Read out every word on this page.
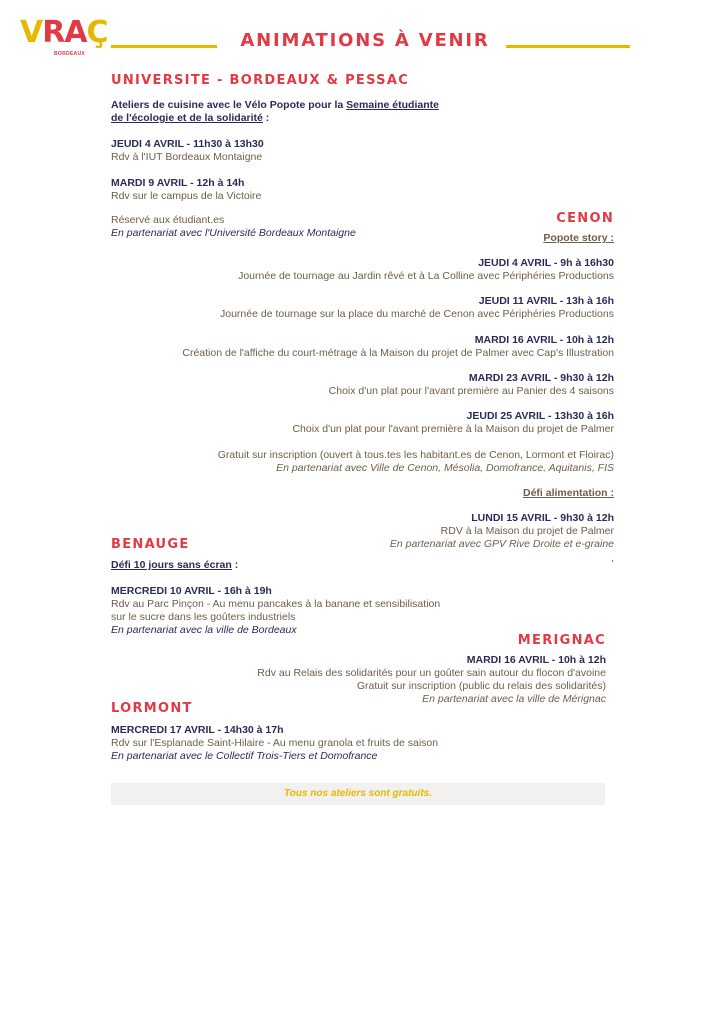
VRAÇ
BORDEAUX
ANIMATIONS À VENIR
UNIVERSITE - BORDEAUX & PESSAC
Ateliers de cuisine avec le Vélo Popote pour la Semaine étudiante
de l'écologie et de la solidarité :
JEUDI 4 AVRIL - 11h30 à 13h30
Rdv à l'IUT Bordeaux Montaigne
MARDI 9 AVRIL - 12h à 14h
Rdv sur le campus de la Victoire
Réservé aux étudiant.es
En partenariat avec l'Université Bordeaux Montaigne
CENON
Popote story :
JEUDI 4 AVRIL - 9h à 16h30
Journée de tournage au Jardin rêvé et à La Colline avec Périphéries Productions
JEUDI 11 AVRIL - 13h à 16h
Journée de tournage sur la place du marché de Cenon avec Périphéries Productions
MARDI 16 AVRIL - 10h à 12h
Création de l'affiche du court-métrage à la Maison du projet de Palmer avec Cap's Illustration
MARDI 23 AVRIL - 9h30 à 12h
Choix d'un plat pour l'avant première au Panier des 4 saisons
JEUDI 25 AVRIL - 13h30 à 16h
Choix d'un plat pour l'avant première à la Maison du projet de Palmer
Gratuit sur inscription (ouvert à tous.tes les habitant.es de Cenon, Lormont et Floirac)
En partenariat avec Ville de Cenon, Mésolia, Domofrance, Aquitanis, FIS
Défi alimentation :
LUNDI 15 AVRIL - 9h30 à 12h
RDV à la Maison du projet de Palmer
En partenariat avec GPV Rive Droite et e-graine
,
BENAUGE
Défi 10 jours sans écran :
MERCREDI 10 AVRIL - 16h à 19h
Rdv au Parc Pinçon - Au menu pancakes à la banane et sensibilisation
sur le sucre dans les goûters industriels
En partenariat avec la ville de Bordeaux
MERIGNAC
MARDI 16 AVRIL - 10h à 12h
Rdv au Relais des solidarités pour un goûter sain autour du flocon d'avoine
Gratuit sur inscription (public du relais des solidarités)
En partenariat avec la ville de Mérignac
LORMONT
MERCREDI 17 AVRIL - 14h30 à 17h
Rdv sur l'Esplanade Saint-Hilaire - Au menu granola et fruits de saison
En partenariat avec le Collectif Trois-Tiers et Domofrance
Tous nos ateliers sont gratuits.
